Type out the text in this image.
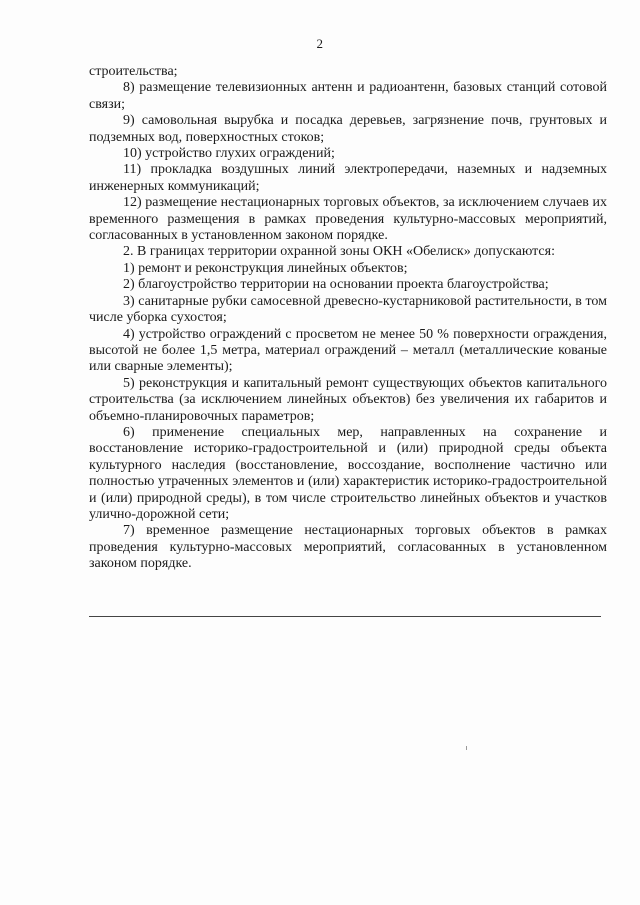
2

строительства;

8) размещение телевизионных антенн и радиоантенн, базовых станций сотовой связи;

9) самовольная вырубка и посадка деревьев, загрязнение почв, грунтовых и подземных вод, поверхностных стоков;

10) устройство глухих ограждений;

11) прокладка воздушных линий электропередачи, наземных и надземных инженерных коммуникаций;

12) размещение нестационарных торговых объектов, за исключением случаев их временного размещения в рамках проведения культурно-массовых мероприятий, согласованных в установленном законом порядке.

2. В границах территории охранной зоны ОКН «Обелиск» допускаются:

1) ремонт и реконструкция линейных объектов;

2) благоустройство территории на основании проекта благоустройства;

3) санитарные рубки самосевной древесно-кустарниковой растительности, в том числе уборка сухостоя;

4) устройство ограждений с просветом не менее 50 % поверхности ограждения, высотой не более 1,5 метра, материал ограждений – металл (металлические кованые или сварные элементы);

5) реконструкция и капитальный ремонт существующих объектов капитального строительства (за исключением линейных объектов) без увеличения их габаритов и объемно-планировочных параметров;

6) применение специальных мер, направленных на сохранение и восстановление историко-градостроительной и (или) природной среды объекта культурного наследия (восстановление, воссоздание, восполнение частично или полностью утраченных элементов и (или) характеристик историко-градостроительной и (или) природной среды), в том числе строительство линейных объектов и участков улично-дорожной сети;

7) временное размещение нестационарных торговых объектов в рамках проведения культурно-массовых мероприятий, согласованных в установленном законом порядке.
